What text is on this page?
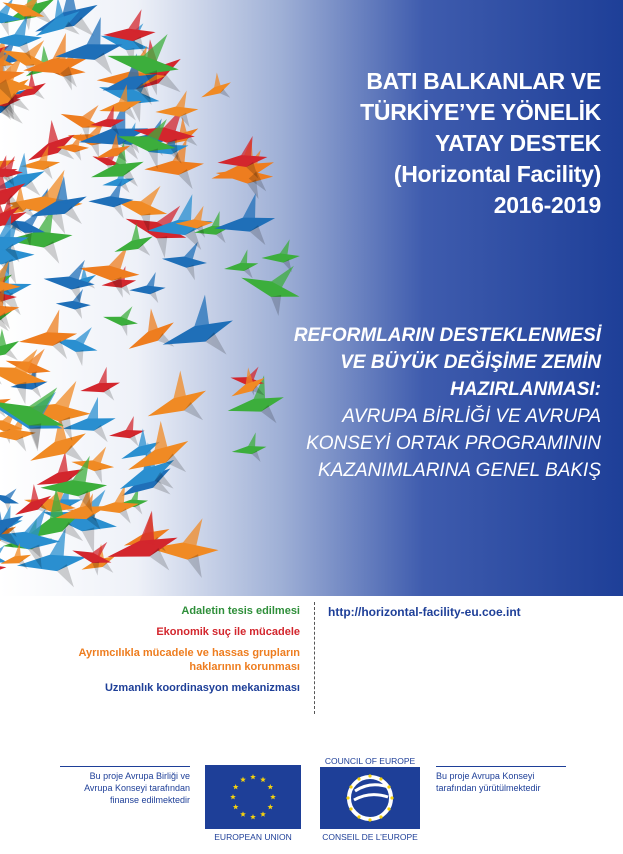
BATI BALKANLAR VE
TÜRKİYE’YE YÖNELİK
YATAY DESTEK
(Horizontal Facility)
2016-2019
REFORMLARIN DESTEKLENMESİ
VE BÜYÜK DEĞİŞİME ZEMİN
HAZIRLANMASI:
AVRUPA BİRLİĞİ VE AVRUPA
KONSEYİ ORTAK PROGRAMININ
KAZANIMLARINA GENEL BAKIŞ
Adaletin tesis edilmesi
Ekonomik suç ile mücadele
Ayrımcılıkla mücadele ve hassas grupların haklarının korunması
Uzmanlık koordinasyon mekanizması
http://horizontal-facility-eu.coe.int
Bu proje Avrupa Birliği ve Avrupa Konseyi tarafından finanse edilmektedir
EUROPEAN UNION
COUNCIL OF EUROPE
CONSEIL DE L’EUROPE
Bu proje Avrupa Konseyi tarafından yürütülmektedir
